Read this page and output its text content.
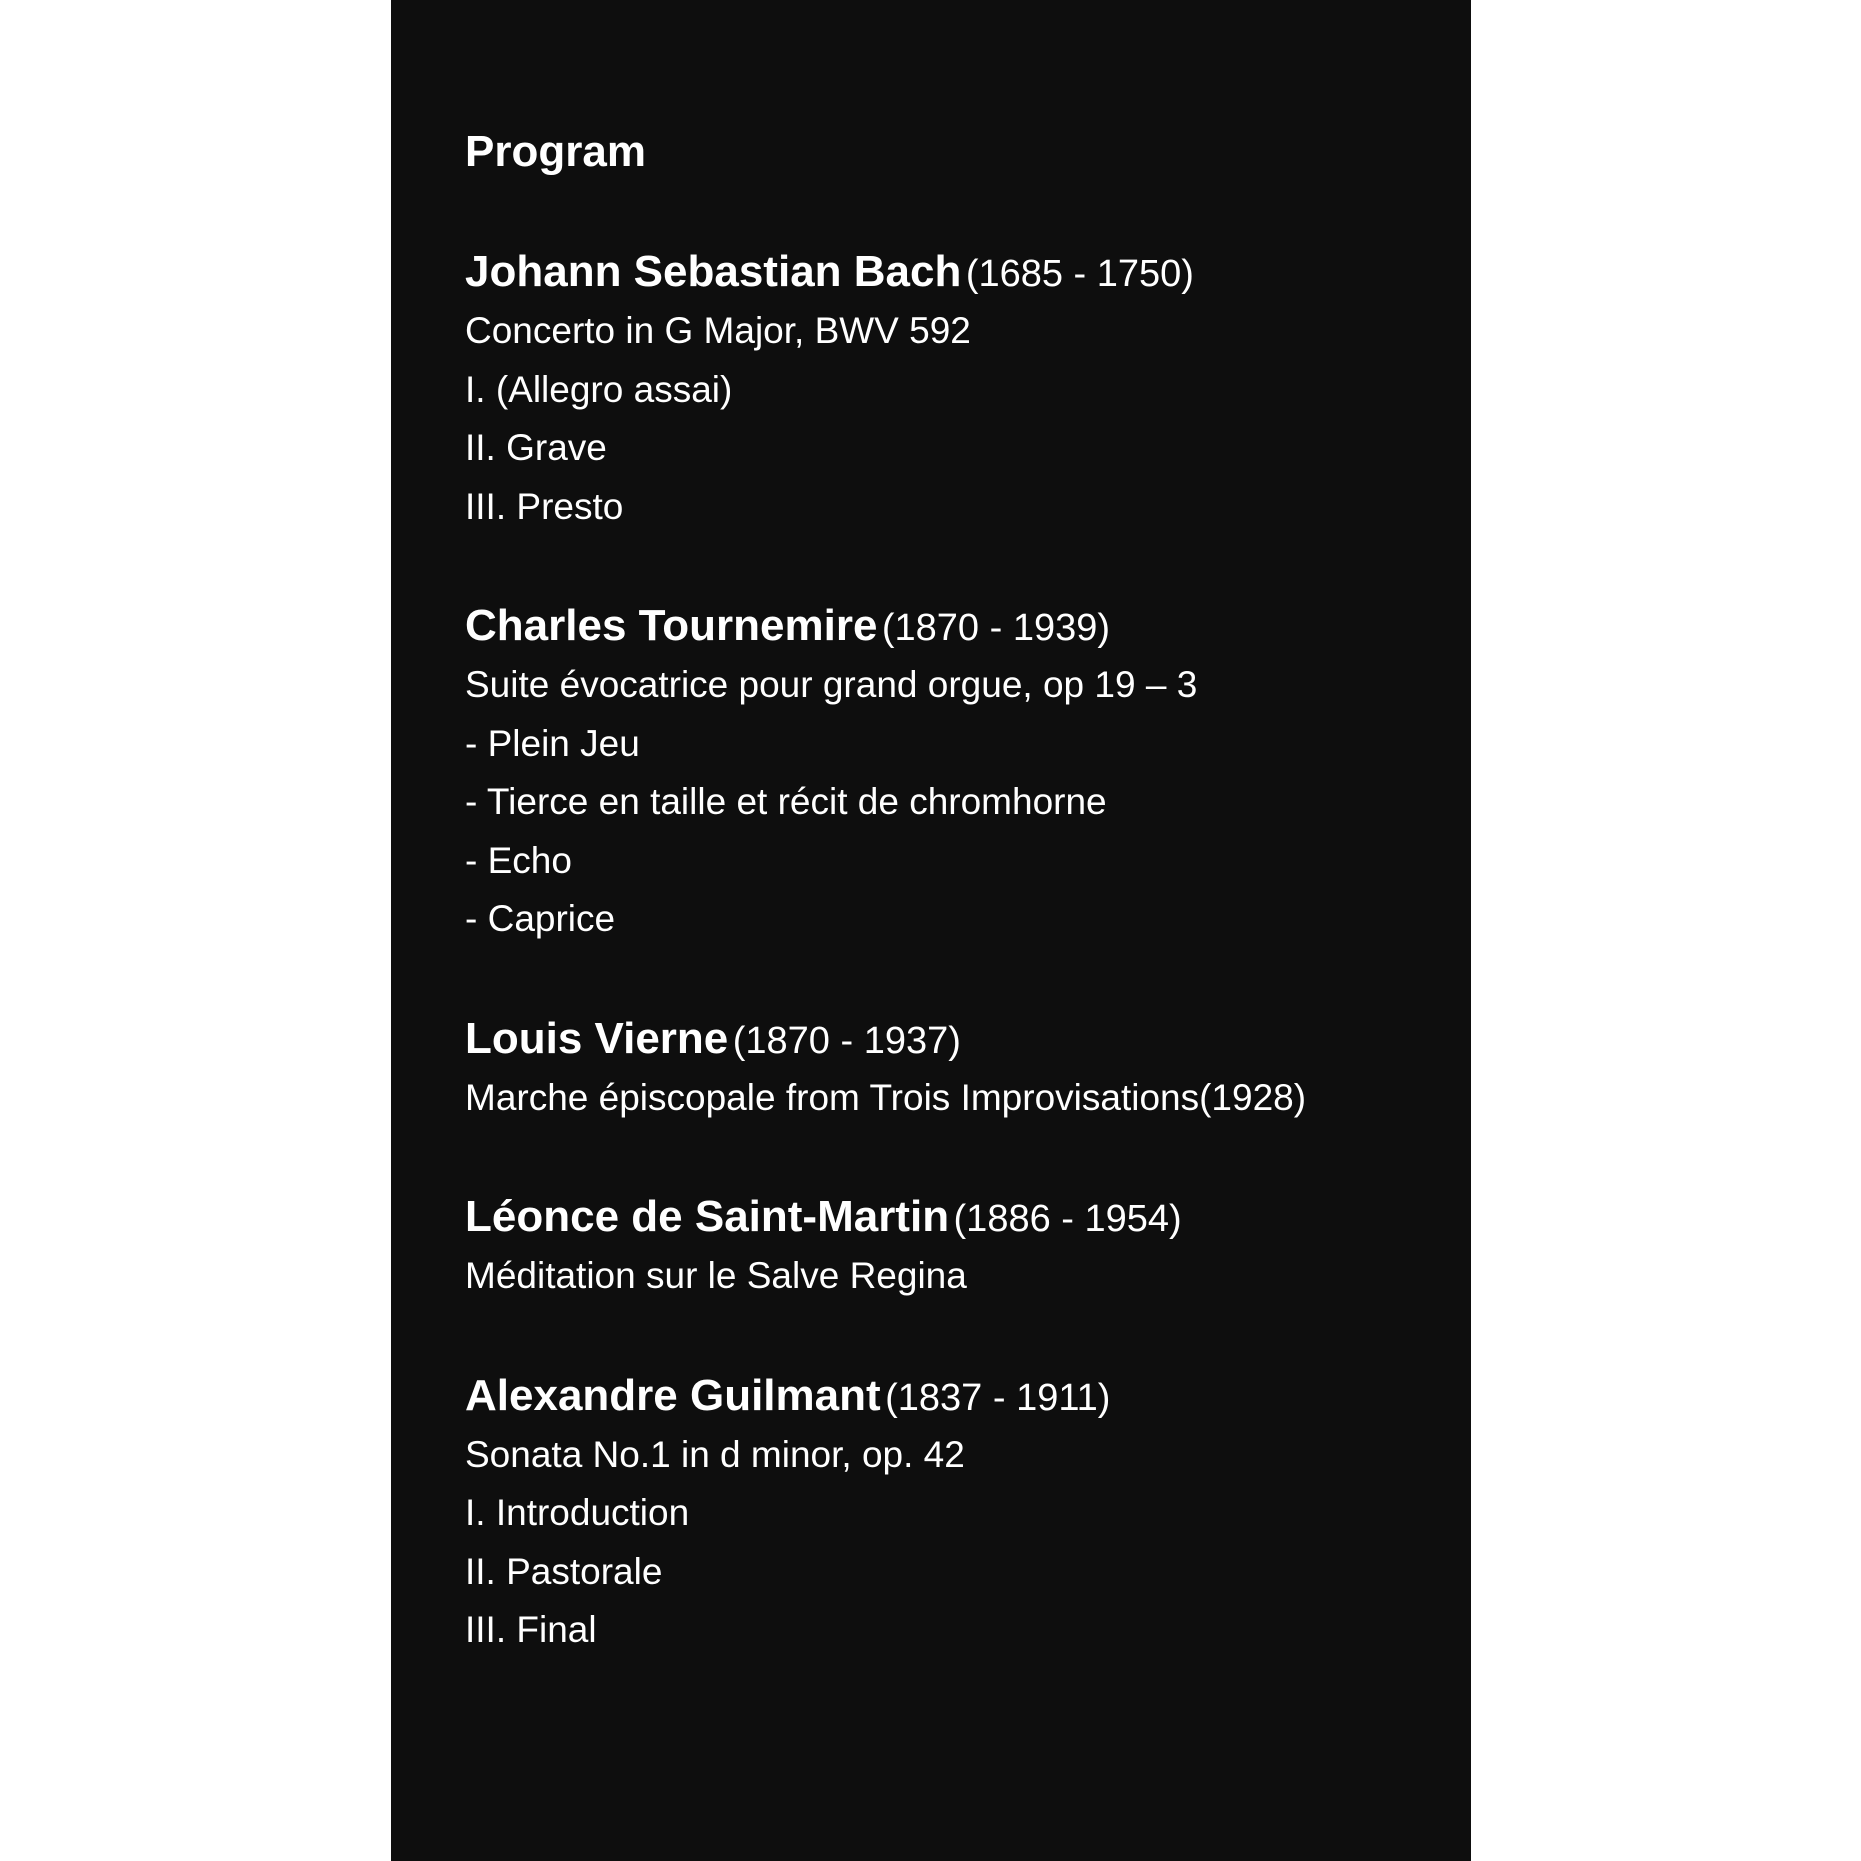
Program
Johann Sebastian Bach (1685 - 1750)
Concerto in G Major, BWV 592
I. (Allegro assai)
II. Grave
III. Presto
Charles Tournemire (1870 - 1939)
Suite évocatrice pour grand orgue, op 19 – 3
- Plein Jeu
- Tierce en taille et récit de chromhorne
- Echo
- Caprice
Louis Vierne (1870 - 1937)
Marche épiscopale from Trois Improvisations(1928)
Léonce de Saint-Martin (1886 - 1954)
Méditation sur le Salve Regina
Alexandre Guilmant (1837 - 1911)
Sonata No.1 in d minor, op. 42
I. Introduction
II. Pastorale
III. Final
